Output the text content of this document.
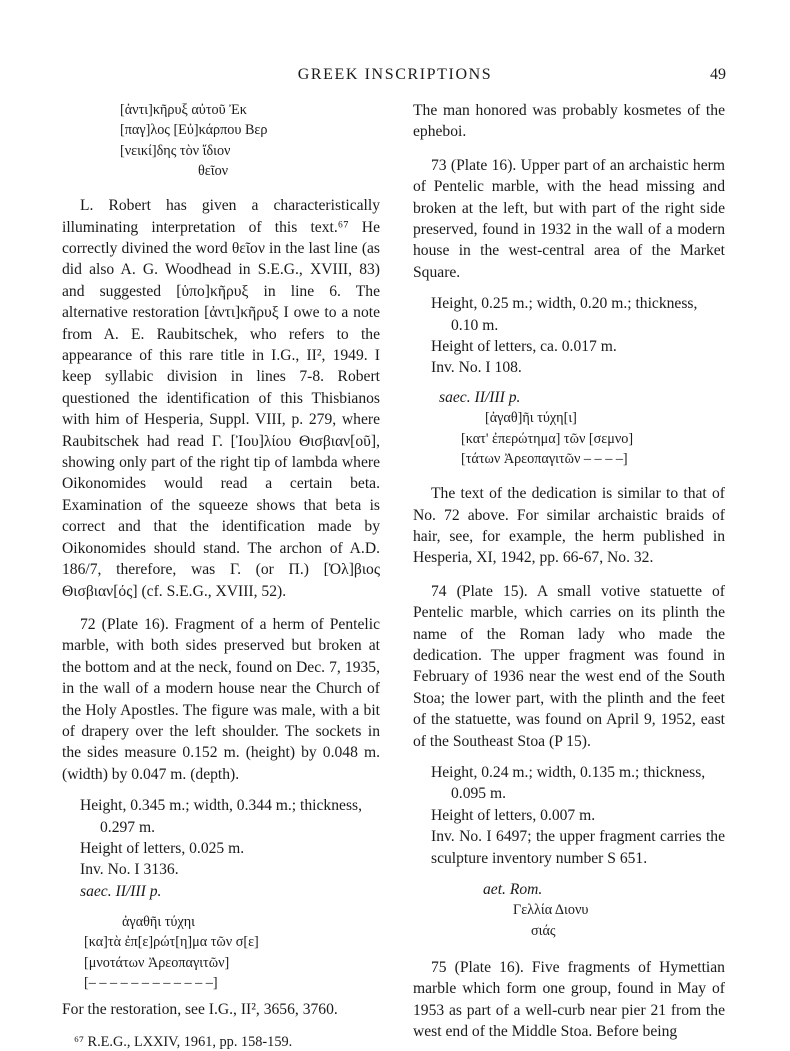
GREEK INSCRIPTIONS	49
[ἀντι]κῆρυξ αὐτοῦ Ἐκ
[παγ]λος [Εὐ]κάρπου Βερ
[νεικί]δης τὸν ἴδιον
θεῖον

L. Robert has given a characteristically illuminating interpretation of this text.⁶⁷ He correctly divined the word θεῖον in the last line (as did also A. G. Woodhead in S.E.G., XVIII, 83) and suggested [ὑπο]κῆρυξ in line 6. The alternative restoration [ἀντι]κῆρυξ I owe to a note from A. E. Raubitschek, who refers to the appearance of this rare title in I.G., II², 1949. I keep syllabic division in lines 7-8. Robert questioned the identification of this Thisbianos with him of Hesperia, Suppl. VIII, p. 279, where Raubitschek had read Γ. [Ἰου]λίου Θισβιαν[οῦ], showing only part of the right tip of lambda where Oikonomides would read a certain beta. Examination of the squeeze shows that beta is correct and that the identification made by Oikonomides should stand. The archon of A.D. 186/7, therefore, was Γ. (or Π.) [Ὀλ]βιος Θισβιαν[ός] (cf. S.E.G., XVIII, 52).

72 (Plate 16). Fragment of a herm of Pentelic marble, with both sides preserved but broken at the bottom and at the neck, found on Dec. 7, 1935, in the wall of a modern house near the Church of the Holy Apostles. The figure was male, with a bit of drapery over the left shoulder. The sockets in the sides measure 0.152 m. (height) by 0.048 m. (width) by 0.047 m. (depth).

Height, 0.345 m.; width, 0.344 m.; thickness, 0.297 m.
Height of letters, 0.025 m.
Inv. No. I 3136.
saec. II/III p.
ἀγαθῆι τύχηι
[κα]τὰ ἐπ[ε]ρώτ[η]μα τῶν σ[ε]
[μνοτάτων Ἀρεοπαγιτῶν]
[– – – – – – – – – – – –]

For the restoration, see I.G., II², 3656, 3760.

⁶⁷ R.E.G., LXXIV, 1961, pp. 158-159.

The man honored was probably kosmetes of the epheboi.

73 (Plate 16). Upper part of an archaistic herm of Pentelic marble, with the head missing and broken at the left, but with part of the right side preserved, found in 1932 in the wall of a modern house in the west-central area of the Market Square.

Height, 0.25 m.; width, 0.20 m.; thickness, 0.10 m.
Height of letters, ca. 0.017 m.
Inv. No. I 108.
saec. II/III p.
[ἀγαθ]ῆι τύχη[ι]
[κατ' ἐπερώτημα] τῶν [σεμνο]
[τάτων Ἀρεοπαγιτῶν – – – –]

The text of the dedication is similar to that of No. 72 above. For similar archaistic braids of hair, see, for example, the herm published in Hesperia, XI, 1942, pp. 66-67, No. 32.

74 (Plate 15). A small votive statuette of Pentelic marble, which carries on its plinth the name of the Roman lady who made the dedication. The upper fragment was found in February of 1936 near the west end of the South Stoa; the lower part, with the plinth and the feet of the statuette, was found on April 9, 1952, east of the Southeast Stoa (P 15).

Height, 0.24 m.; width, 0.135 m.; thickness, 0.095 m.
Height of letters, 0.007 m.
Inv. No. I 6497; the upper fragment carries the sculpture inventory number S 651.
aet. Rom.
Γελλία Διονυ
σιάς

75 (Plate 16). Five fragments of Hymettian marble which form one group, found in May of 1953 as part of a well-curb near pier 21 from the west end of the Middle Stoa. Before being
